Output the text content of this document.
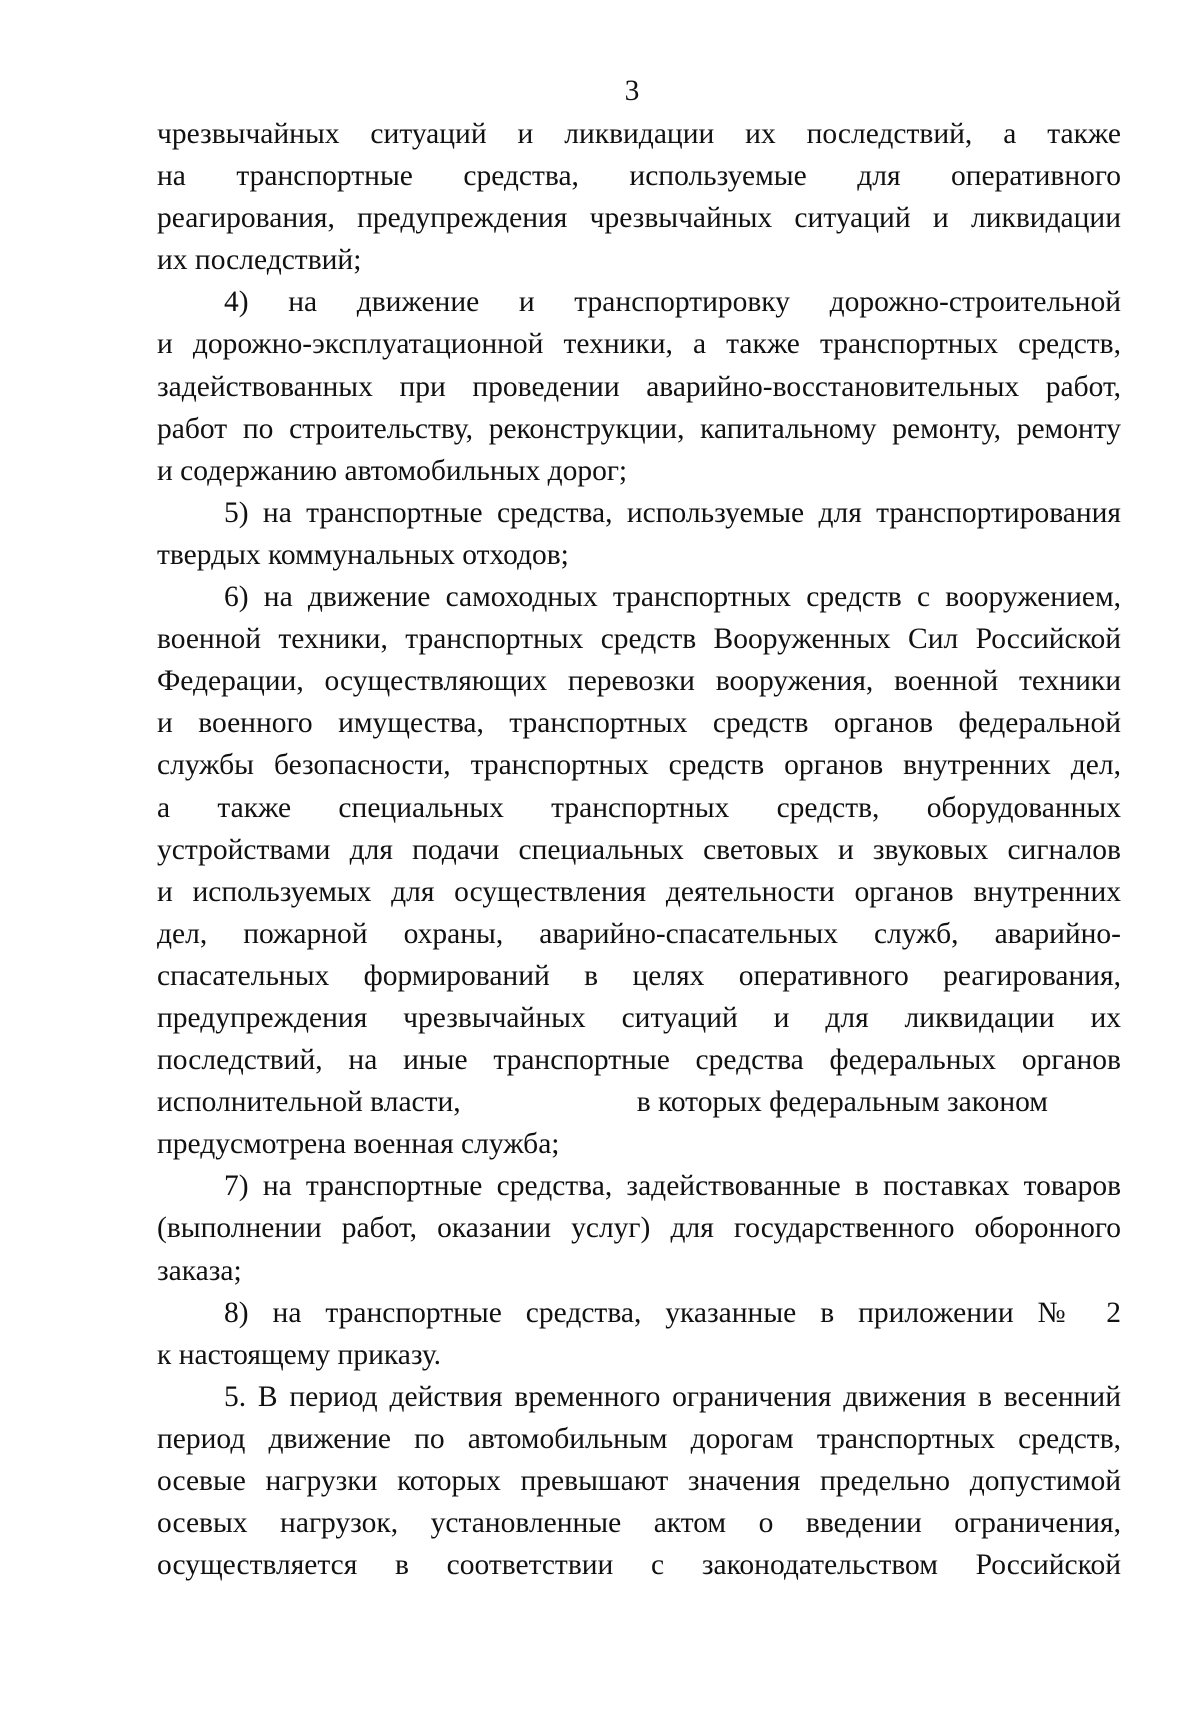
3
чрезвычайных ситуаций и ликвидации их последствий, а также
на транспортные средства, используемые для оперативного
реагирования, предупреждения чрезвычайных ситуаций и ликвидации
их последствий;
4) на движение и транспортировку дорожно-строительной
и дорожно-эксплуатационной техники, а также транспортных средств,
задействованных при проведении аварийно-восстановительных работ,
работ по строительству, реконструкции, капитальному ремонту, ремонту
и содержанию автомобильных дорог;
5) на транспортные средства, используемые для транспортирования
твердых коммунальных отходов;
6) на движение самоходных транспортных средств с вооружением,
военной техники, транспортных средств Вооруженных Сил Российской
Федерации, осуществляющих перевозки вооружения, военной техники
и военного имущества, транспортных средств органов федеральной
службы безопасности, транспортных средств органов внутренних дел,
а также специальных транспортных средств, оборудованных
устройствами для подачи специальных световых и звуковых сигналов
и используемых для осуществления деятельности органов внутренних
дел, пожарной охраны, аварийно-спасательных служб, аварийно-
спасательных формирований в целях оперативного реагирования,
предупреждения чрезвычайных ситуаций и для ликвидации их
последствий, на иные транспортные средства федеральных органов
исполнительной власти,	в которых федеральным законом
предусмотрена военная служба;
7) на транспортные средства, задействованные в поставках товаров
(выполнении работ, оказании услуг) для государственного оборонного
заказа;
8) на транспортные средства, указанные в приложении № 2
к настоящему приказу.
5. В период действия временного ограничения движения в весенний
период движение по автомобильным дорогам транспортных средств,
осевые нагрузки которых превышают значения предельно допустимой
осевых нагрузок, установленные актом о введении ограничения,
осуществляется в соответствии с законодательством Российской
